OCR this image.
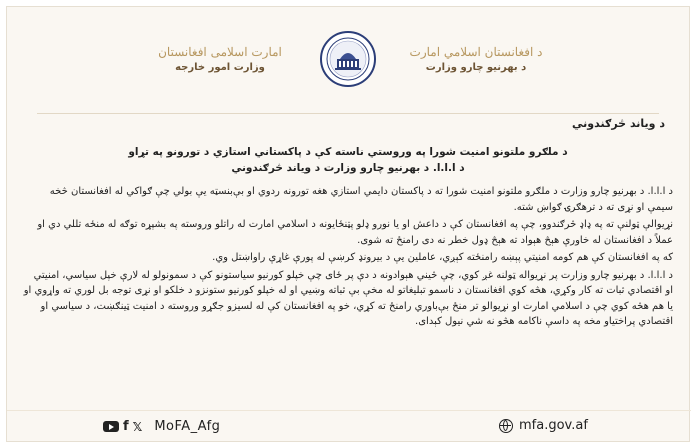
امارت اسلامی افغانستان
وزارت امور خارجه
د افغانستان اسلامي امارت
د بهرنيو چارو وزارت
د ویاند څرګندوني
د ملګرو ملتونو امنیت شورا په وروستي ناسته کې د پاکستاني استازي د تورونو په تړاو
د ا.ا.ا. د بهرنیو چارو وزارت د ویاند څرګندوني

د ا.ا.ا. د بهرنیو چارو وزارت د ملګرو ملتونو امنیت شورا ته د پاکستان دایمي استازي هغه تورونه ردوي او بې‌بنسټه يې بولي چې ګواکي له افغانستان څخه سیمې او نړی ته د ترهګرۍ ګواښ شته.

نړیوالې ټولنې ته په ډاډ څرګندوو، چې په افغانستان کې د داعش او یا نورو ډلو پټنځایونه د اسلامي امارت له راتلو وروسته په بشپړه توګه له منځه تللي دي او عملاً د افغانستان له خاورې هېڅ هېواد ته هېڅ ډول خطر نه دی رامنځ ته شوی.

که په افغانستان کې هم کومه امنیتي پېښه رامنځته کېږي، عاملين يې د بيرونډ کرښې له پورې غاړې راواښتل وي.

د ا.ا.ا. د بهرنیو چارو وزارت پر نړیواله ټولنه غږ کوي، چې څيني هېوادونه د دې پر ځای چې خپلو کورنيو سياستونو کې د سمونولو له لارې خپل سیاسي، امنیتي او اقتصادي ثبات ته کار وکړي، هڅه کوي افغانستان د ناسمو تبليغاتو له مخې بې ثباته وښیي او له خپلو کورنیو ستونزو د خلکو او نړی توجه بل لوري ته واړوي او یا هم هڅه کوي چې د اسلامي امارت او نړیوالو تر منځ بې‌باوري رامنځ ته کړي، خو په افغانستان کې له لسيزو جګړو وروسته د امنیت ټينګښت، د سیاسي او اقتصادي پراختیاو مخه په داسې ناکامه هڅو نه شي نيول کېدای.

f 𝕏 MoFA_Afg	mfa.gov.af
